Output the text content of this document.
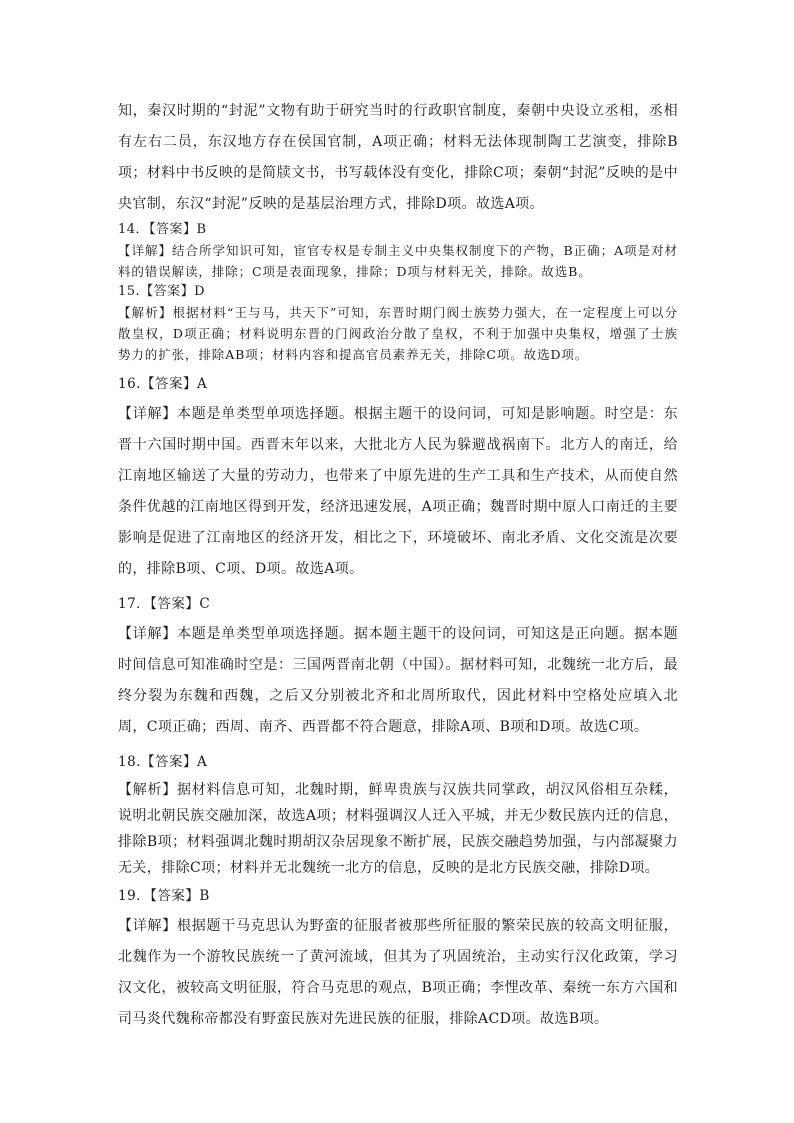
知，秦汉时期的“封泥”文物有助于研究当时的行政职官制度，秦朝中央设立丞相，丞相有左右二员，东汉地方存在侯国官制，A项正确；材料无法体现制陶工艺演变，排除B项；材料中书反映的是简牍文书，书写载体没有变化，排除C项；秦朝“封泥”反映的是中央官制，东汉“封泥”反映的是基层治理方式，排除D项。故选A项。

14．【答案】B

【详解】结合所学知识可知，宦官专权是专制主义中央集权制度下的产物，B正确；A项是对材料的错误解读，排除；C项是表面现象，排除；D项与材料无关，排除。故选B。

15.【答案】D

【解析】根据材料“王与马，共天下”可知，东晋时期门阀士族势力强大，在一定程度上可以分散皇权，D项正确；材料说明东晋的门阀政治分散了皇权，不利于加强中央集权，增强了士族势力的扩张，排除AB项；材料内容和提高官员素养无关，排除C项。故选D项。

16.【答案】A

【详解】本题是单类型单项选择题。根据主题干的设问词，可知是影响题。时空是：东晋十六国时期中国。西晋末年以来，大批北方人民为躲避战祸南下。北方人的南迁，给江南地区输送了大量的劳动力，也带来了中原先进的生产工具和生产技术，从而使自然条件优越的江南地区得到开发，经济迅速发展，A项正确；魏晋时期中原人口南迁的主要影响是促进了江南地区的经济开发，相比之下，环境破坏、南北矛盾、文化交流是次要的，排除B项、C项、D项。故选A项。

17．【答案】C

【详解】本题是单类型单项选择题。据本题主题干的设问词，可知这是正向题。据本题时间信息可知准确时空是：三国两晋南北朝（中国）。据材料可知，北魏统一北方后，最终分裂为东魏和西魏，之后又分别被北齐和北周所取代，因此材料中空格处应填入北周，C项正确；西周、南齐、西晋都不符合题意，排除A项、B项和D项。故选C项。

18.【答案】A

【解析】据材料信息可知，北魏时期，鲜卑贵族与汉族共同掌政，胡汉风俗相互杂糅，说明北朝民族交融加深，故选A项；材料强调汉人迁入平城，并无少数民族内迁的信息，排除B项；材料强调北魏时期胡汉杂居现象不断扩展，民族交融趋势加强，与内部凝聚力无关，排除C项；材料并无北魏统一北方的信息，反映的是北方民族交融，排除D项。

19．【答案】B

【详解】根据题干马克思认为野蛮的征服者被那些所征服的繁荣民族的较高文明征服，北魏作为一个游牧民族统一了黄河流域，但其为了巩固统治，主动实行汉化政策，学习汉文化，被较高文明征服，符合马克思的观点，B项正确；李悝改革、秦统一东方六国和司马炎代魏称帝都没有野蛮民族对先进民族的征服，排除ACD项。故选B项。
